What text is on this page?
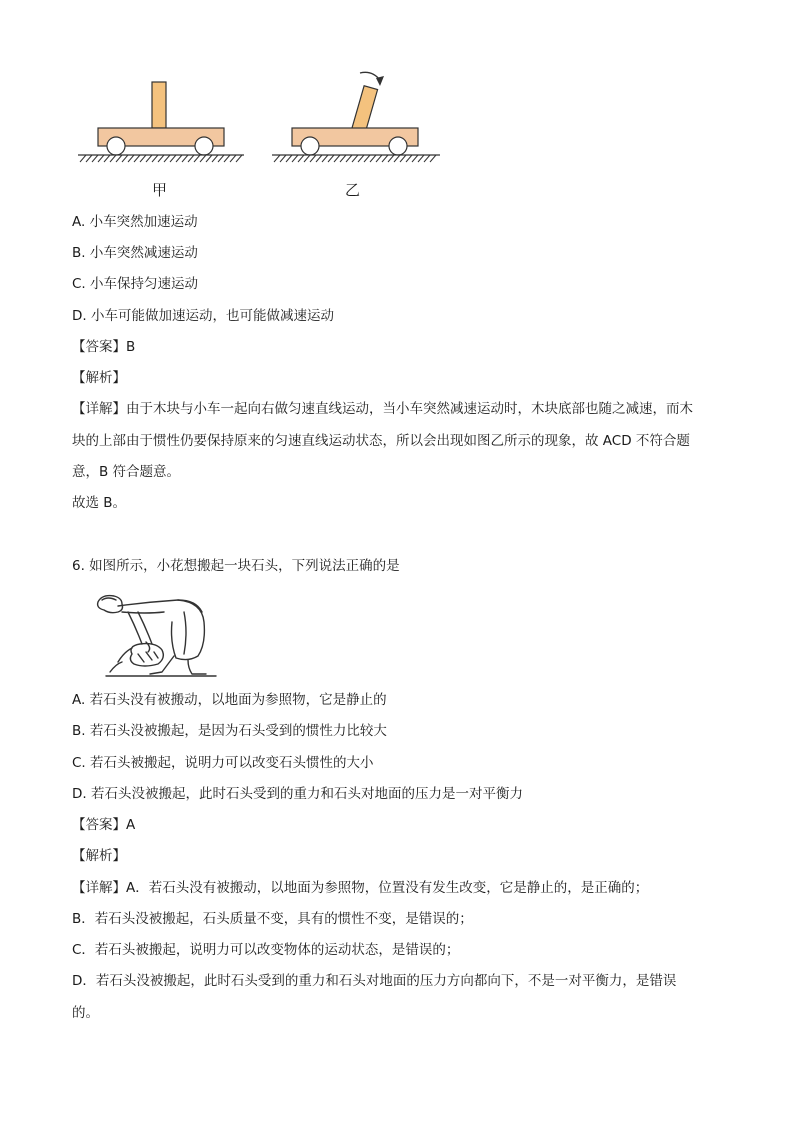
甲	乙
A. 小车突然加速运动
B. 小车突然减速运动
C. 小车保持匀速运动
D. 小车可能做加速运动，也可能做减速运动
【答案】B
【解析】
【详解】由于木块与小车一起向右做匀速直线运动，当小车突然减速运动时，木块底部也随之减速，而木
块的上部由于惯性仍要保持原来的匀速直线运动状态，所以会出现如图乙所示的现象，故 ACD 不符合题
意，B 符合题意。
故选 B。
6. 如图所示，小花想搬起一块石头，下列说法正确的是
A. 若石头没有被搬动，以地面为参照物，它是静止的
B. 若石头没被搬起，是因为石头受到的惯性力比较大
C. 若石头被搬起，说明力可以改变石头惯性的大小
D. 若石头没被搬起，此时石头受到的重力和石头对地面的压力是一对平衡力
【答案】A
【解析】
【详解】A．若石头没有被搬动，以地面为参照物，位置没有发生改变，它是静止的，是正确的；
B．若石头没被搬起，石头质量不变，具有的惯性不变，是错误的；
C．若石头被搬起，说明力可以改变物体的运动状态，是错误的；
D．若石头没被搬起，此时石头受到的重力和石头对地面的压力方向都向下，不是一对平衡力，是错误
的。
